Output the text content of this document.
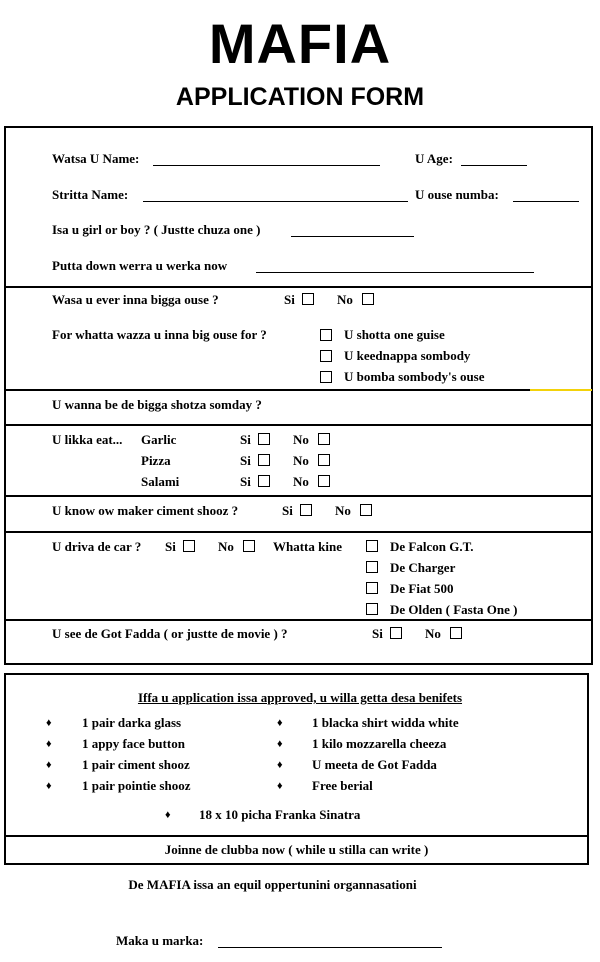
MAFIA
APPLICATION FORM
Watsa U Name:	U Age:
Stritta Name:	U ouse numba:
Isa u girl or boy ? ( Justte chuza one )
Putta down werra u werka now
Wasa u ever inna bigga ouse ?	Si	No
For whatta wazza u inna big ouse for ?	U shotta one guise
U keednappa sombody
U bomba sombody's ouse
U wanna be de bigga shotza somday ?
U likka eat... Garlic	Si	No
Pizza	Si	No
Salami	Si	No
U know ow maker ciment shooz ?	Si	No
U driva de car ? Si	No	Whatta kine	De Falcon G.T.
De Charger
De Fiat 500
De Olden ( Fasta One )
U see de Got Fadda ( or justte de movie ) ?	Si	No
Iffa u application issa approved, u willa getta desa benifets
♦ 1 pair darka glass
♦ 1 appy face button
♦ 1 pair ciment shooz
♦ 1 pair pointie shooz
♦ 1 blacka shirt widda white
♦ 1 kilo mozzarella cheeza
♦ U meeta de Got Fadda
♦ Free berial
♦ 18 x 10 picha Franka Sinatra
Joinne de clubba now ( while u stilla can write )
De MAFIA issa an equil oppertunini organnasationi
Maka u marka:
